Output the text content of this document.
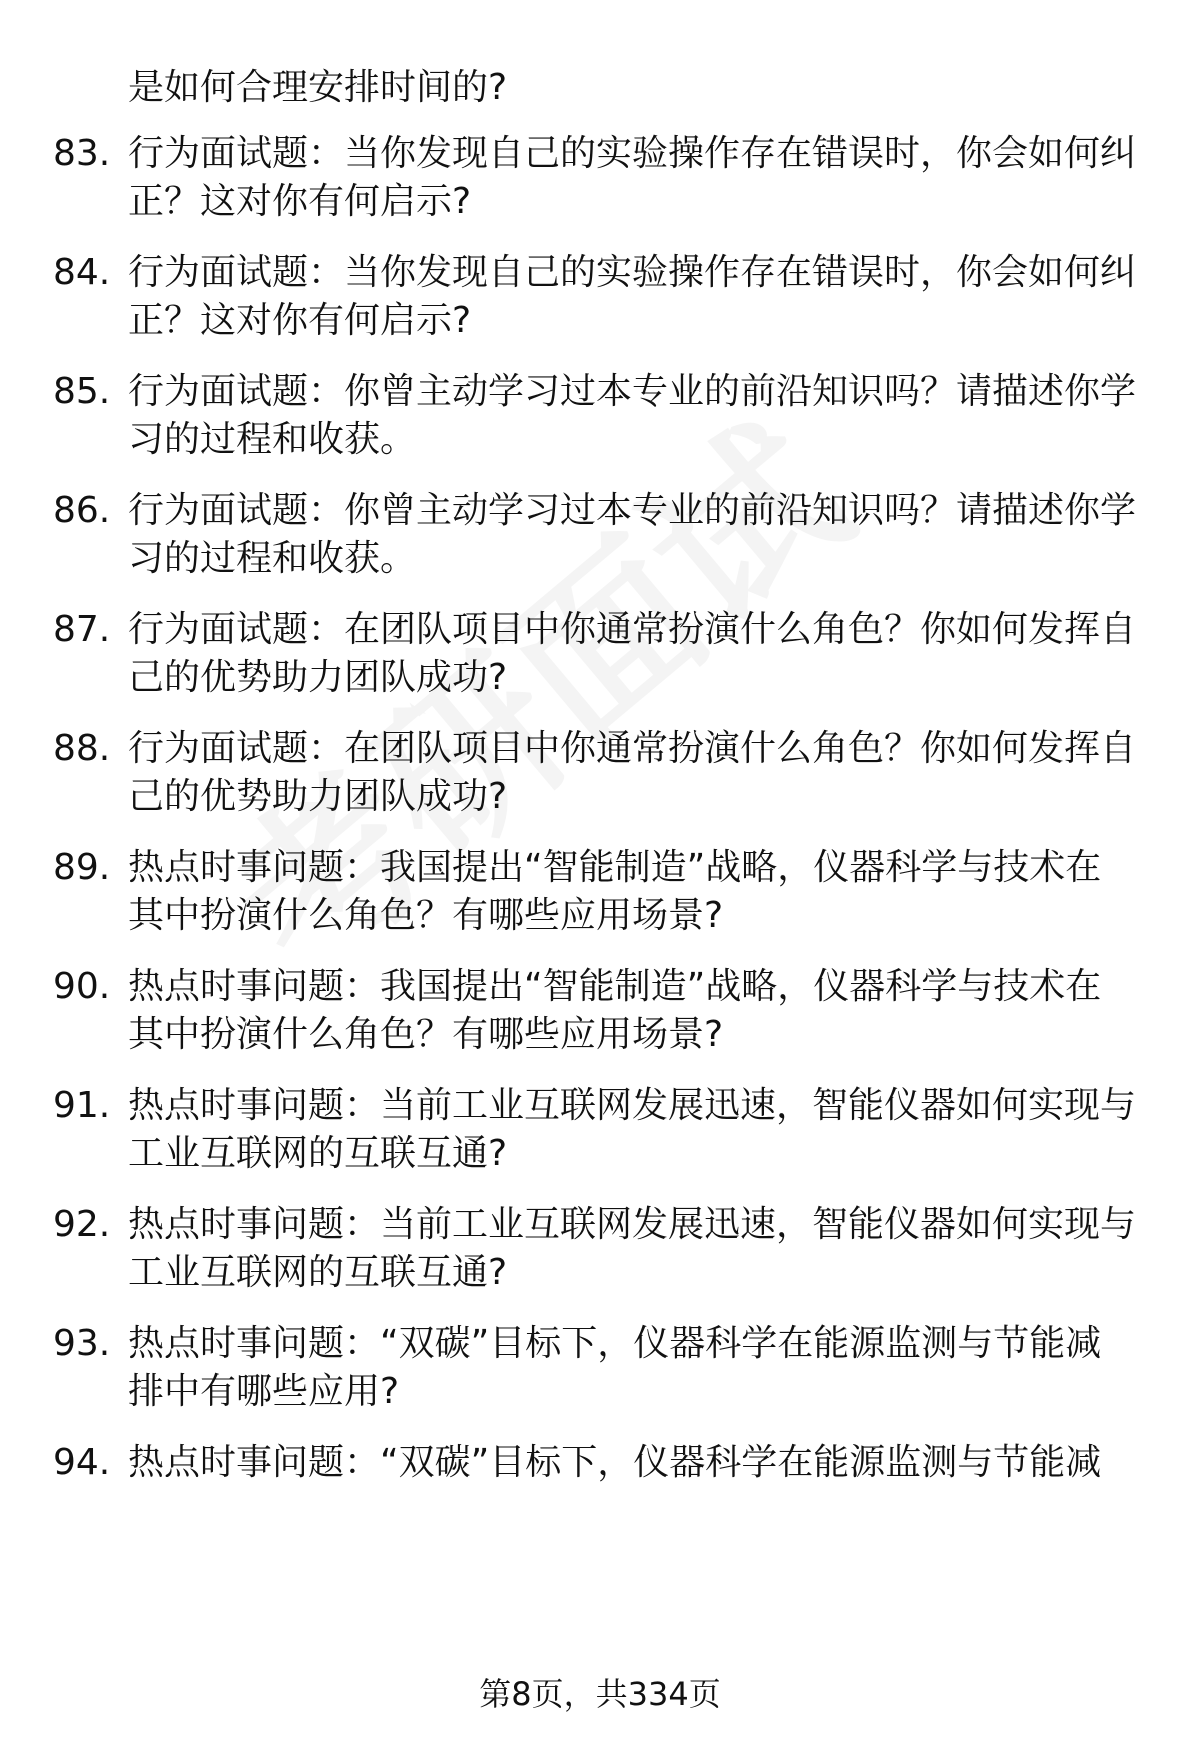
是如何合理安排时间的?
83. 行为面试题：当你发现自己的实验操作存在错误时，你会如何纠
正？这对你有何启示?
84. 行为面试题：当你发现自己的实验操作存在错误时，你会如何纠
正？这对你有何启示?
85. 行为面试题：你曾主动学习过本专业的前沿知识吗？请描述你学
习的过程和收获。
86. 行为面试题：你曾主动学习过本专业的前沿知识吗？请描述你学
习的过程和收获。
87. 行为面试题：在团队项目中你通常扮演什么角色？你如何发挥自
己的优势助力团队成功?
88. 行为面试题：在团队项目中你通常扮演什么角色？你如何发挥自
己的优势助力团队成功?
89. 热点时事问题：我国提出“智能制造”战略，仪器科学与技术在
其中扮演什么角色？有哪些应用场景?
90. 热点时事问题：我国提出“智能制造”战略，仪器科学与技术在
其中扮演什么角色？有哪些应用场景?
91. 热点时事问题：当前工业互联网发展迅速，智能仪器如何实现与
工业互联网的互联互通?
92. 热点时事问题：当前工业互联网发展迅速，智能仪器如何实现与
工业互联网的互联互通?
93. 热点时事问题：“双碳”目标下，仪器科学在能源监测与节能减
排中有哪些应用?
94. 热点时事问题：“双碳”目标下，仪器科学在能源监测与节能减
第8页，共334页
